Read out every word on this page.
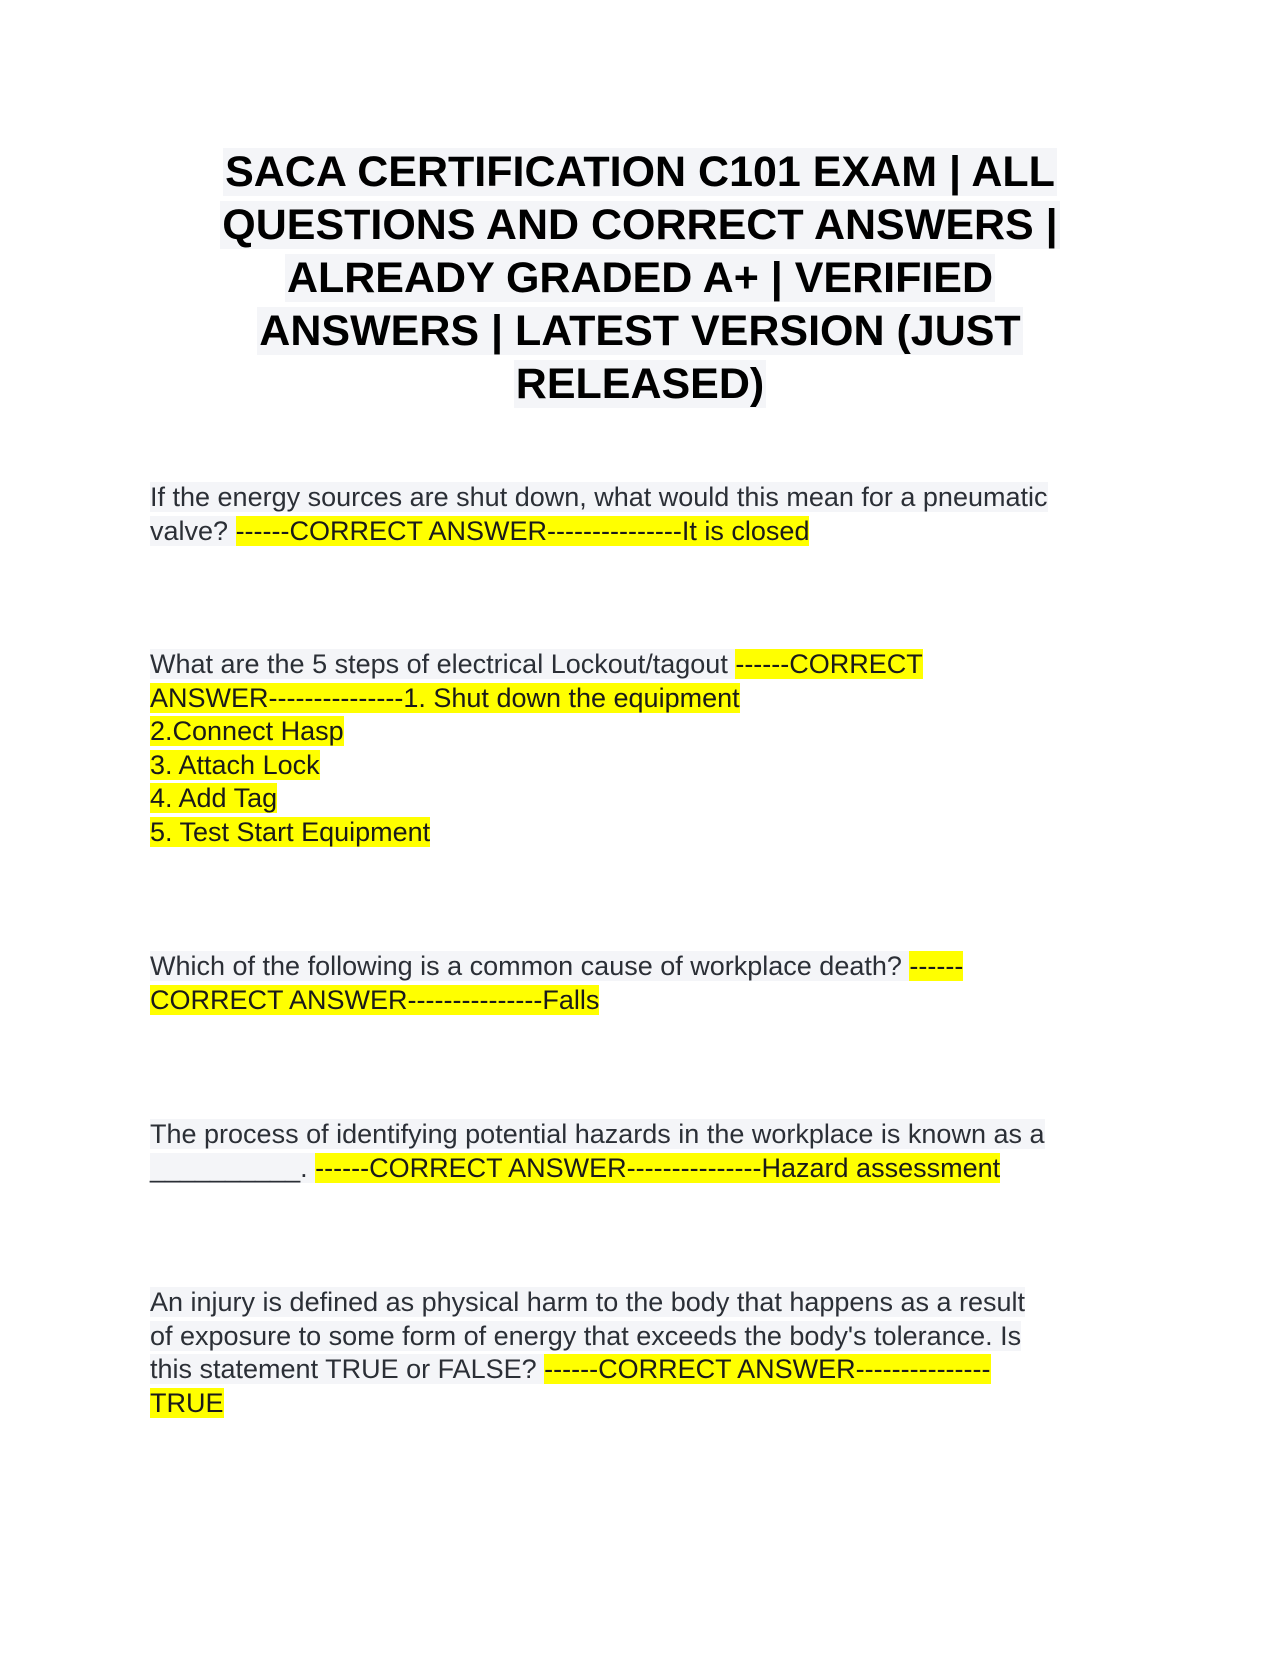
SACA CERTIFICATION C101 EXAM | ALL
QUESTIONS AND CORRECT ANSWERS |
ALREADY GRADED A+ | VERIFIED
ANSWERS | LATEST VERSION (JUST
RELEASED)
If the energy sources are shut down, what would this mean for a pneumatic
valve? ------CORRECT ANSWER---------------It is closed
What are the 5 steps of electrical Lockout/tagout ------CORRECT
ANSWER---------------1. Shut down the equipment
2.Connect Hasp
3. Attach Lock
4. Add Tag
5. Test Start Equipment
Which of the following is a common cause of workplace death? ------
CORRECT ANSWER---------------Falls
The process of identifying potential hazards in the workplace is known as a
__________. ------CORRECT ANSWER---------------Hazard assessment
An injury is defined as physical harm to the body that happens as a result
of exposure to some form of energy that exceeds the body's tolerance. Is
this statement TRUE or FALSE? ------CORRECT ANSWER---------------
TRUE
